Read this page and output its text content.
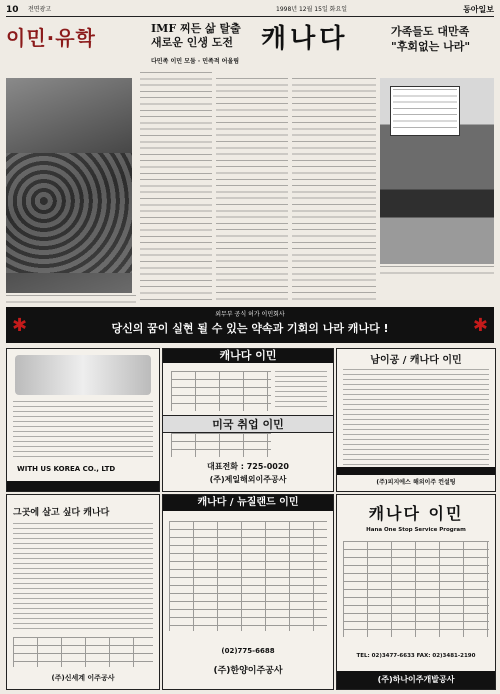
10 전면광고	1998년 12월 15일 화요일	동아일보
이민·유학	IMF 찌든 삶 탈출
새로운 인생 도전 캐나다	가족들도 대만족
"후회없는 나라"
다민족 이민 모둠 · 민족적 어울림
외무부 공식 허가 이민회사
당신의 꿈이 실현 될 수 있는 약속과 기회의 나라 캐나다 !
✱	✱
WITH US KOREA CO., LTD
캐나다 이민
미국 취업 이민
대표전화 : 725-0020
(주)제일해외이주공사
남이공 / 캐나다 이민
(주)피지에스 해외이주 컨설팅
그곳에 살고 싶다 캐나다
(주)신세계 이주공사
캐나다 / 뉴질랜드 이민
(02)775-6688
(주)한양이주공사
캐나다 이민
Hana One Stop Service Program
TEL: 02)3477-6633 FAX: 02)3481-2190
(주)하나이주개발공사
